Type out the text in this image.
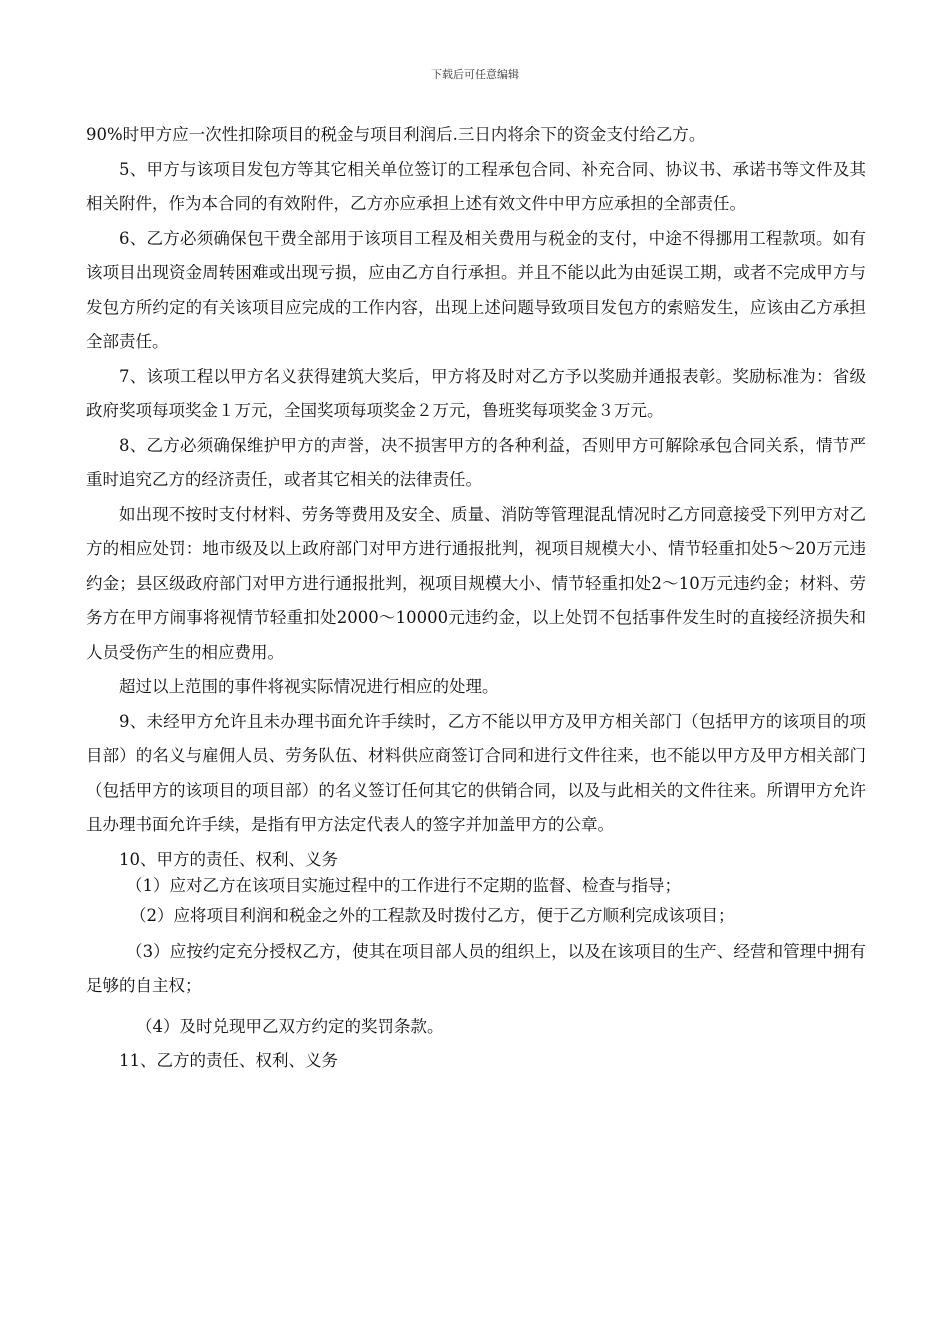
下载后可任意编辑

90%时甲方应一次性扣除项目的税金与项目利润后.三日内将余下的资金支付给乙方。

5、甲方与该项目发包方等其它相关单位签订的工程承包合同、补充合同、协议书、承诺书等文件及其相关附件，作为本合同的有效附件，乙方亦应承担上述有效文件中甲方应承担的全部责任。

6、乙方必须确保包干费全部用于该项目工程及相关费用与税金的支付，中途不得挪用工程款项。如有该项目出现资金周转困难或出现亏损，应由乙方自行承担。并且不能以此为由延误工期，或者不完成甲方与发包方所约定的有关该项目应完成的工作内容，出现上述问题导致项目发包方的索赔发生，应该由乙方承担全部责任。

7、该项工程以甲方名义获得建筑大奖后，甲方将及时对乙方予以奖励并通报表彰。奖励标准为：省级政府奖项每项奖金１万元，全国奖项每项奖金２万元，鲁班奖每项奖金３万元。

8、乙方必须确保维护甲方的声誉，决不损害甲方的各种利益，否则甲方可解除承包合同关系，情节严重时追究乙方的经济责任，或者其它相关的法律责任。

如出现不按时支付材料、劳务等费用及安全、质量、消防等管理混乱情况时乙方同意接受下列甲方对乙方的相应处罚：地市级及以上政府部门对甲方进行通报批判，视项目规模大小、情节轻重扣处5～20万元违约金；县区级政府部门对甲方进行通报批判，视项目规模大小、情节轻重扣处2～10万元违约金；材料、劳务方在甲方闹事将视情节轻重扣处2000～10000元违约金，以上处罚不包括事件发生时的直接经济损失和人员受伤产生的相应费用。

超过以上范围的事件将视实际情况进行相应的处理。

9、未经甲方允许且未办理书面允许手续时，乙方不能以甲方及甲方相关部门（包括甲方的该项目的项目部）的名义与雇佣人员、劳务队伍、材料供应商签订合同和进行文件往来，也不能以甲方及甲方相关部门（包括甲方的该项目的项目部）的名义签订任何其它的供销合同，以及与此相关的文件往来。所谓甲方允许且办理书面允许手续，是指有甲方法定代表人的签字并加盖甲方的公章。

10、甲方的责任、权利、义务

（1）应对乙方在该项目实施过程中的工作进行不定期的监督、检查与指导；

（2）应将项目利润和税金之外的工程款及时拨付乙方，便于乙方顺利完成该项目；

（3）应按约定充分授权乙方，使其在项目部人员的组织上，以及在该项目的生产、经营和管理中拥有足够的自主权；

（4）及时兑现甲乙双方约定的奖罚条款。

11、乙方的责任、权利、义务
